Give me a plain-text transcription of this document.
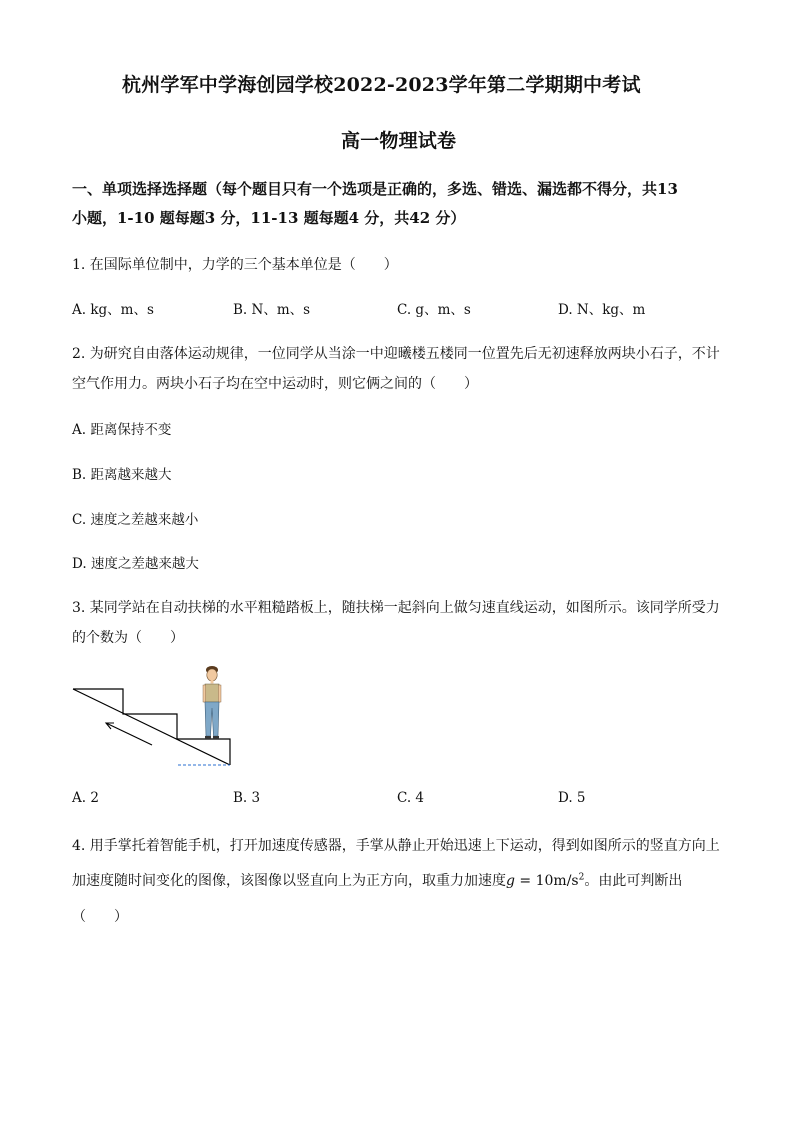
杭州学军中学海创园学校2022-2023学年第二学期期中考试
高一物理试卷
一、单项选择选择题（每个题目只有一个选项是正确的，多选、错选、漏选都不得分，共13
小题，1-10 题每题3 分，11-13 题每题4 分，共42 分）
1. 在国际单位制中，力学的三个基本单位是（　　）
A. kg、m、s	B. N、m、s	C. g、m、s	D. N、kg、m
2. 为研究自由落体运动规律，一位同学从当涂一中迎曦楼五楼同一位置先后无初速释放两块小石子，不计
空气作用力。两块小石子均在空中运动时，则它俩之间的（　　）
A. 距离保持不变
B. 距离越来越大
C. 速度之差越来越小
D. 速度之差越来越大
3. 某同学站在自动扶梯的水平粗糙踏板上，随扶梯一起斜向上做匀速直线运动，如图所示。该同学所受力
的个数为（　　）
A. 2	B. 3	C. 4	D. 5
4. 用手掌托着智能手机，打开加速度传感器，手掌从静止开始迅速上下运动，得到如图所示的竖直方向上
加速度随时间变化的图像，该图像以竖直向上为正方向，取重力加速度$g = 10m/s^2$。由此可判断出
（　　）
